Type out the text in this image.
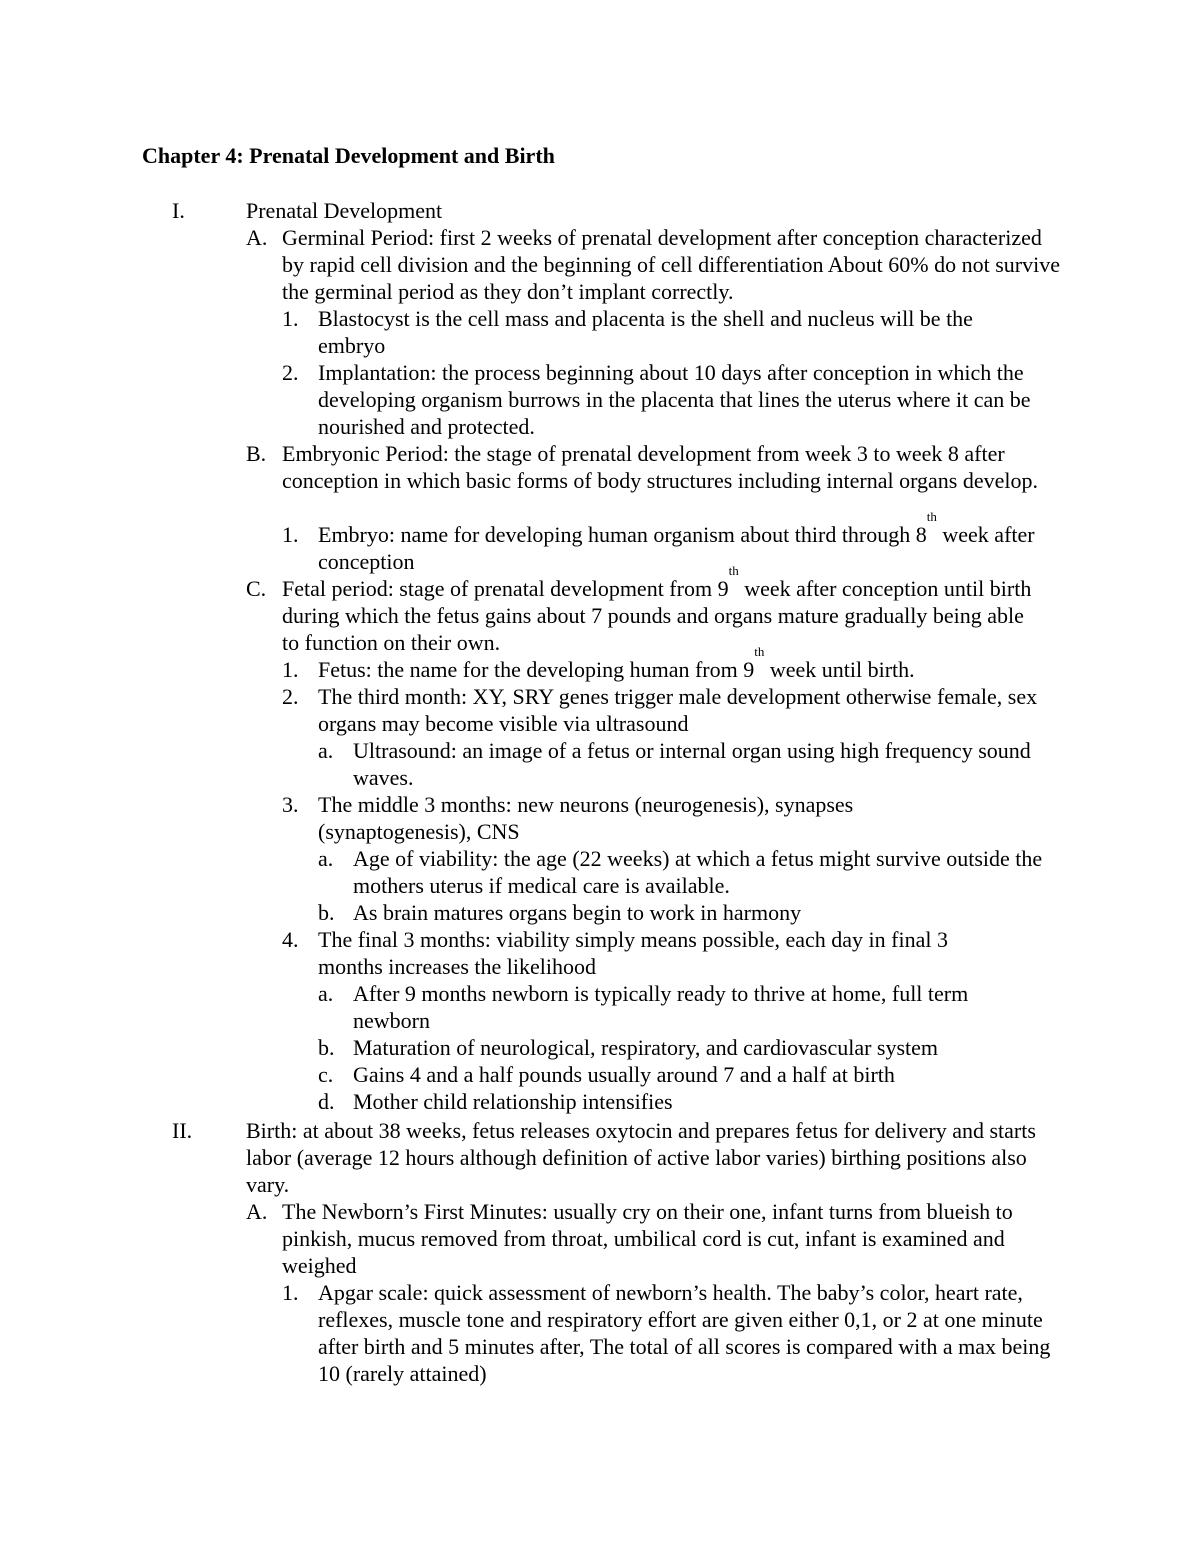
Chapter 4: Prenatal Development and Birth
I.	Prenatal Development
A. Germinal Period: first 2 weeks of prenatal development after conception characterized by rapid cell division and the beginning of cell differentiation About 60% do not survive the germinal period as they don’t implant correctly.
1. Blastocyst is the cell mass and placenta is the shell and nucleus will be the embryo
2. Implantation: the process beginning about 10 days after conception in which the developing organism burrows in the placenta that lines the uterus where it can be nourished and protected.
B. Embryonic Period: the stage of prenatal development from week 3 to week 8 after conception in which basic forms of body structures including internal organs develop.
1. Embryo: name for developing human organism about third through 8th week after conception
C. Fetal period: stage of prenatal development from 9th week after conception until birth during which the fetus gains about 7 pounds and organs mature gradually being able to function on their own.
1. Fetus: the name for the developing human from 9th week until birth.
2. The third month: XY, SRY genes trigger male development otherwise female, sex organs may become visible via ultrasound
a. Ultrasound: an image of a fetus or internal organ using high frequency sound waves.
3. The middle 3 months: new neurons (neurogenesis), synapses (synaptogenesis), CNS
a. Age of viability: the age (22 weeks) at which a fetus might survive outside the mothers uterus if medical care is available.
b. As brain matures organs begin to work in harmony
4. The final 3 months: viability simply means possible, each day in final 3 months increases the likelihood
a. After 9 months newborn is typically ready to thrive at home, full term newborn
b. Maturation of neurological, respiratory, and cardiovascular system
c. Gains 4 and a half pounds usually around 7 and a half at birth
d. Mother child relationship intensifies
II. Birth: at about 38 weeks, fetus releases oxytocin and prepares fetus for delivery and starts labor (average 12 hours although definition of active labor varies) birthing positions also vary.
A. The Newborn’s First Minutes: usually cry on their one, infant turns from blueish to pinkish, mucus removed from throat, umbilical cord is cut, infant is examined and weighed
1. Apgar scale: quick assessment of newborn’s health. The baby’s color, heart rate, reflexes, muscle tone and respiratory effort are given either 0,1, or 2 at one minute after birth and 5 minutes after, The total of all scores is compared with a max being 10 (rarely attained)
